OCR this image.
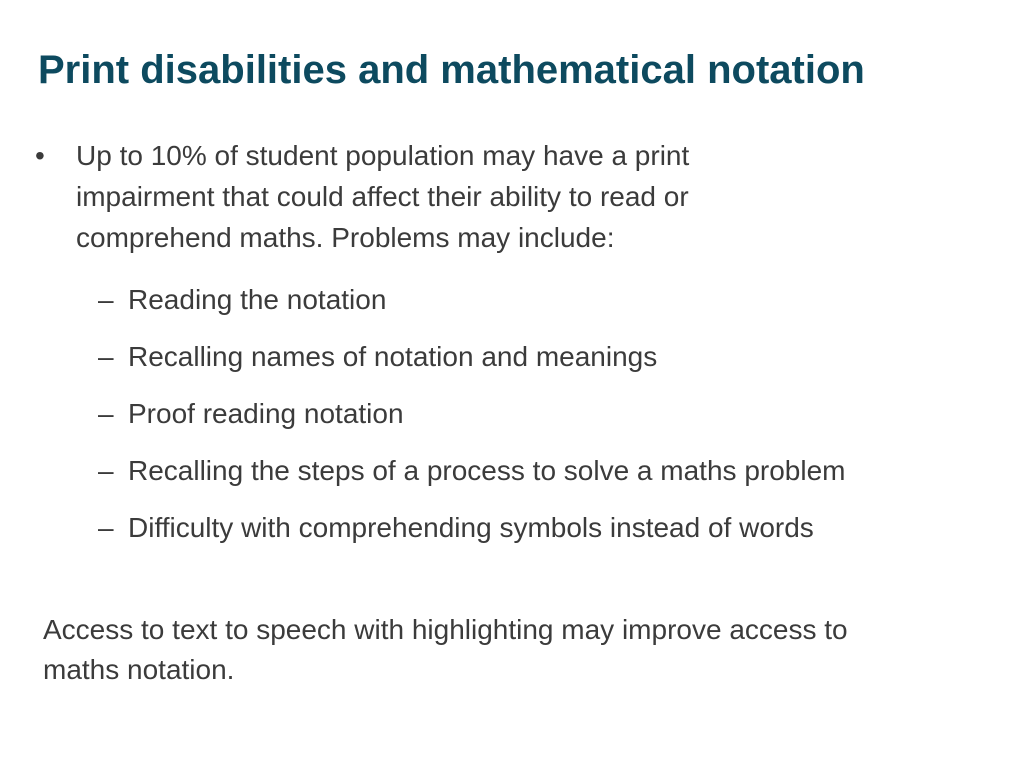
Print disabilities and mathematical notation
•	Up to 10% of student population may have a print impairment that could affect their ability to read or comprehend maths. Problems may include:
– Reading the notation
– Recalling names of notation and meanings
– Proof reading notation
– Recalling the steps of a process to solve a maths problem
– Difficulty with comprehending symbols instead of words

Access to text to speech with highlighting may improve access to maths notation.
